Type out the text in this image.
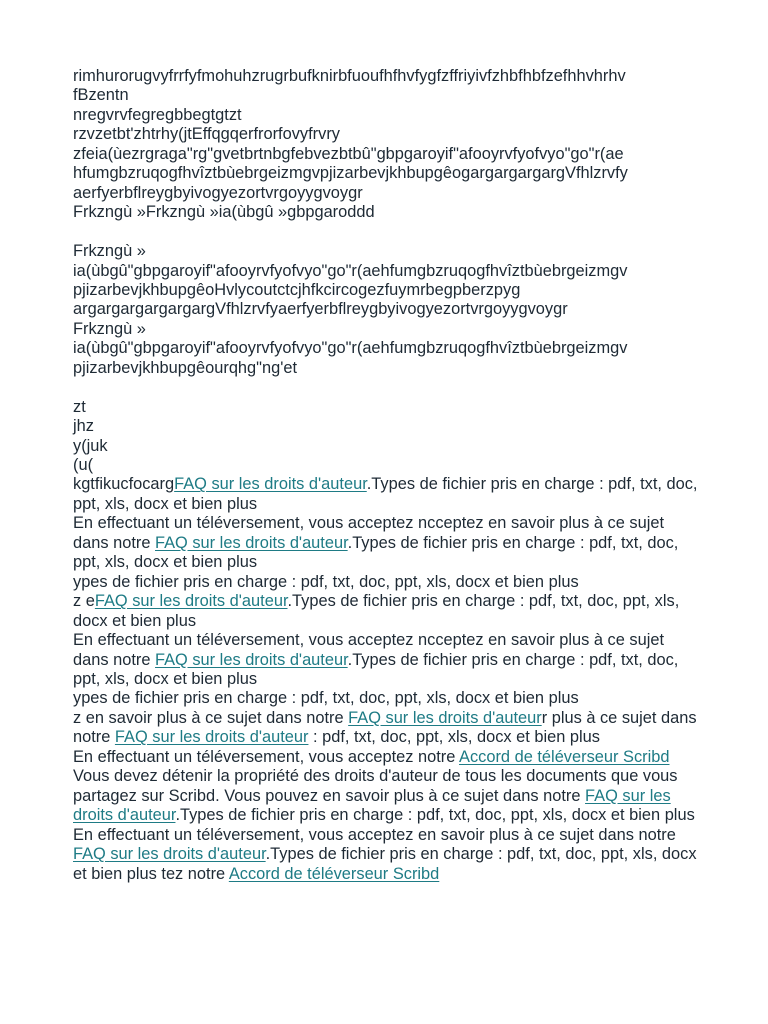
rimhurorugvyfrrfyfmohuhzrugrbufknirbfuoufhfhvfygfzffriyivfzhbfhbfzefhhvhrhv
fBzentn
nregvrvfegregbbegtgtzt
rzvzetbt'zhtrhy(jtEffqgqerfrorfovyfrvry
zfeia(ùezrgraga"rg"gvetbrtnbgfebvezbtbû"gbpgaroyif"afooyrvfyofvyo"go"r(ae
hfumgbzruqogfhvîztbùebrgeizmgvpjizarbevjkhbupgêogargargargargVfhlzrvfy
aerfyerbflreygbyivogyezortvrgoyygvoygr
Frkzngù »Frkzngù »ia(ùbgû »gbpgaroddd
Frkzngù »
ia(ùbgû"gbpgaroyif"afooyrvfyofvyo"go"r(aehfumgbzruqogfhvîztbùebrgeizmgv
pjizarbevjkhbupgêoHvlycoutctcjhfkcircogezfuymrbegpberzpyg
argargargargargargVfhlzrvfyaerfyerbflreygbyivogyezortvrgoyygvoygr
Frkzngù »
ia(ùbgû"gbpgaroyif"afooyrvfyofvyo"go"r(aehfumgbzruqogfhvîztbùebrgeizmgv
pjizarbevjkhbupgêourqhg"ng'et
zt
jhz
y(juk
(u(
kgtfikucfocargFAQ sur les droits d'auteur.Types de fichier pris en charge : pdf, txt, doc, ppt, xls, docx et bien plus
En effectuant un téléversement, vous acceptez ncceptez en savoir plus à ce sujet dans notre FAQ sur les droits d'auteur.Types de fichier pris en charge : pdf, txt, doc, ppt, xls, docx et bien plus
ypes de fichier pris en charge : pdf, txt, doc, ppt, xls, docx et bien plus
z eFAQ sur les droits d'auteur.Types de fichier pris en charge : pdf, txt, doc, ppt, xls, docx et bien plus
En effectuant un téléversement, vous acceptez ncceptez en savoir plus à ce sujet dans notre FAQ sur les droits d'auteur.Types de fichier pris en charge : pdf, txt, doc, ppt, xls, docx et bien plus
ypes de fichier pris en charge : pdf, txt, doc, ppt, xls, docx et bien plus
z en savoir plus à ce sujet dans notre FAQ sur les droits d'auteurr plus à ce sujet dans notre FAQ sur les droits d'auteur : pdf, txt, doc, ppt, xls, docx et bien plus
En effectuant un téléversement, vous acceptez notre Accord de téléverseur Scribd
Vous devez détenir la propriété des droits d'auteur de tous les documents que vous partagez sur Scribd. Vous pouvez en savoir plus à ce sujet dans notre FAQ sur les droits d'auteur.Types de fichier pris en charge : pdf, txt, doc, ppt, xls, docx et bien plus
En effectuant un téléversement, vous acceptez en savoir plus à ce sujet dans notre FAQ sur les droits d'auteur.Types de fichier pris en charge : pdf, txt, doc, ppt, xls, docx et bien plus tez notre Accord de téléverseur Scribd
